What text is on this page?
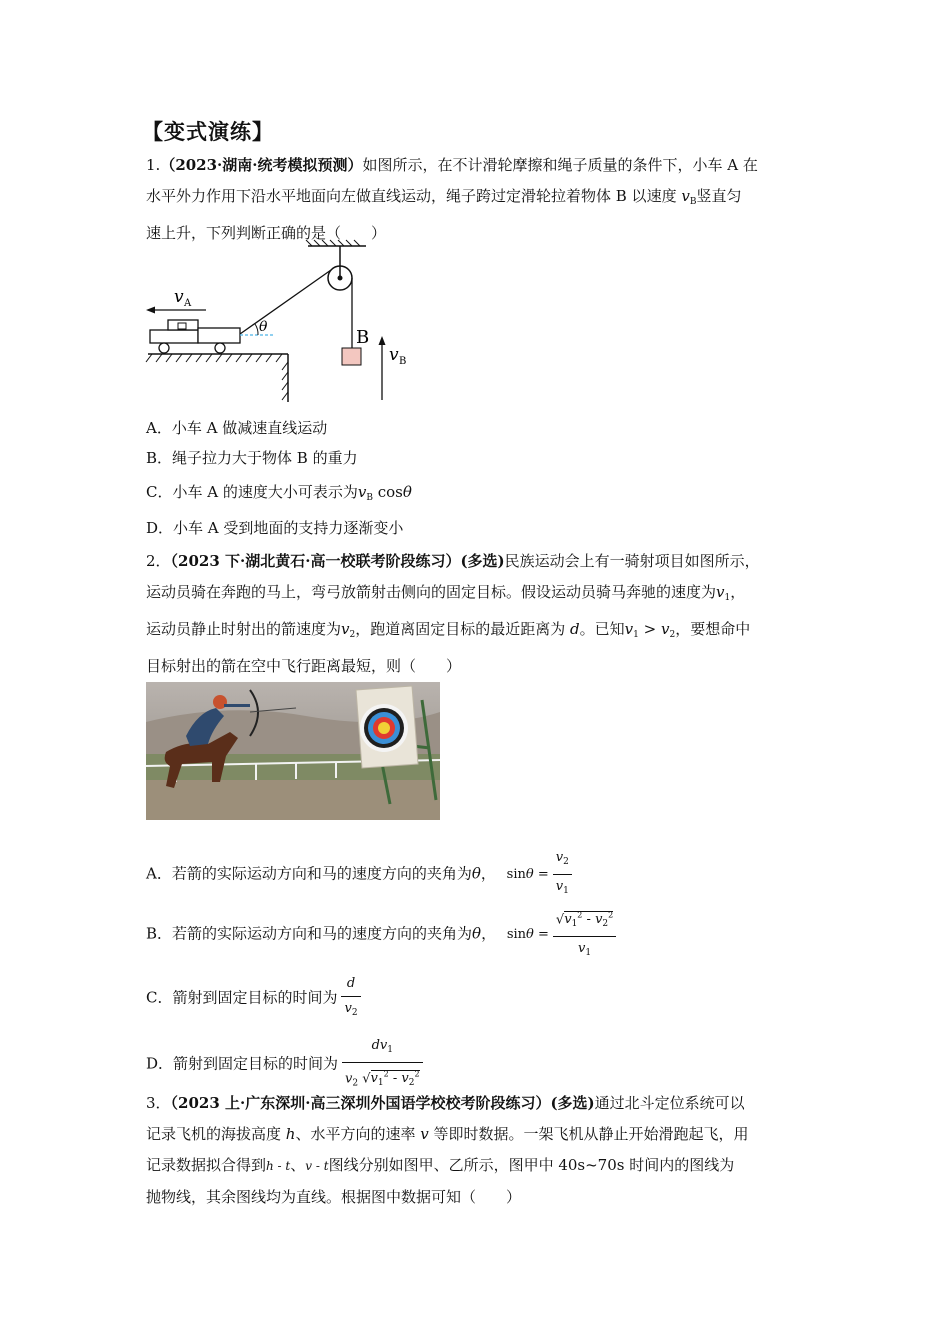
【变式演练】
1.（2023·湖南·统考模拟预测）如图所示，在不计滑轮摩擦和绳子质量的条件下，小车 A 在
水平外力作用下沿水平地面向左做直线运动，绳子跨过定滑轮拉着物体 B 以速度 $v_B$竖直匀
速上升，下列判断正确的是（　　）
B
v B
θ
v A
A．小车 A 做减速直线运动
B．绳子拉力大于物体 B 的重力
C．小车 A 的速度大小可表示为$v_B$ cosθ
D．小车 A 受到地面的支持力逐渐变小
2．（2023 下·湖北黄石·高一校联考阶段练习）(多选)民族运动会上有一骑射项目如图所示，
运动员骑在奔跑的马上，弯弓放箭射击侧向的固定目标。假设运动员骑马奔驰的速度为$v_1$，
运动员静止时射出的箭速度为$v_2$，跑道离固定目标的最近距离为 d。已知$v_1 > v_2$，要想命中
目标射出的箭在空中飞行距离最短，则（　　）
A．若箭的实际运动方向和马的速度方向的夹角为θ， $\sin\theta = \frac{v_2}{v_1}$
B．若箭的实际运动方向和马的速度方向的夹角为θ， $\sin\theta = \frac{√v_1^2 - v_2^2}{v_1}$
C．箭射到固定目标的时间为 $\frac{d}{v_2}$
D．箭射到固定目标的时间为 $\frac{dv_1}{v_2 √v_1^2 - v_2^2}$
3．（2023 上·广东深圳·高三深圳外国语学校校考阶段练习）(多选)通过北斗定位系统可以
记录飞机的海拔高度 h、水平方向的速率 v 等即时数据。一架飞机从静止开始滑跑起飞，用
记录数据拟合得到h - t、v - t图线分别如图甲、乙所示，图甲中 40s~70s 时间内的图线为
抛物线，其余图线均为直线。根据图中数据可知（　　）
